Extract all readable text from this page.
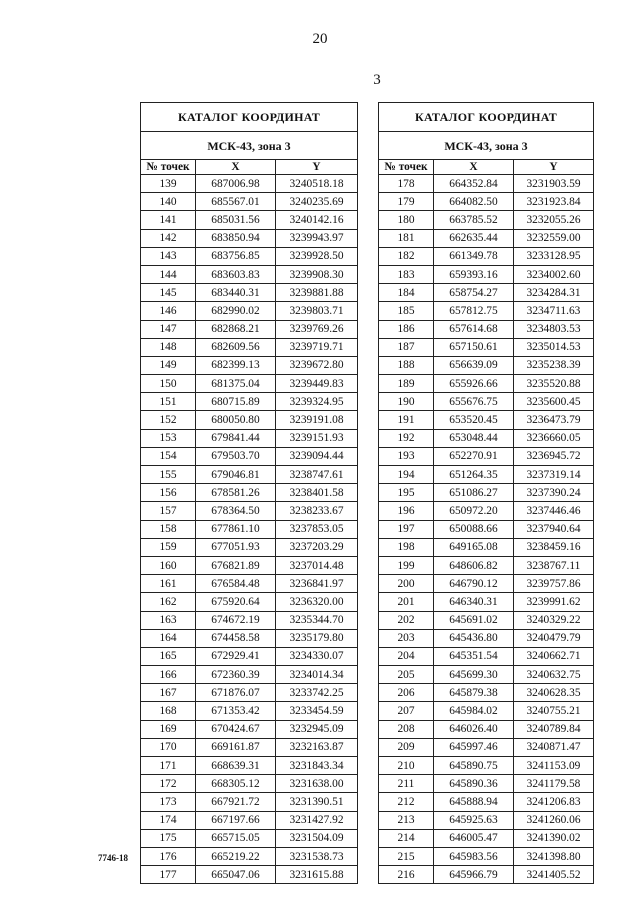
20
3
КАТАЛОГ КООРДИНАТ		
МСК-43, зона 3		
№ точек	X	Y
139	687006.98	3240518.18
140	685567.01	3240235.69
141	685031.56	3240142.16
142	683850.94	3239943.97
143	683756.85	3239928.50
144	683603.83	3239908.30
145	683440.31	3239881.88
146	682990.02	3239803.71
147	682868.21	3239769.26
148	682609.56	3239719.71
149	682399.13	3239672.80
150	681375.04	3239449.83
151	680715.89	3239324.95
152	680050.80	3239191.08
153	679841.44	3239151.93
154	679503.70	3239094.44
155	679046.81	3238747.61
156	678581.26	3238401.58
157	678364.50	3238233.67
158	677861.10	3237853.05
159	677051.93	3237203.29
160	676821.89	3237014.48
161	676584.48	3236841.97
162	675920.64	3236320.00
163	674672.19	3235344.70
164	674458.58	3235179.80
165	672929.41	3234330.07
166	672360.39	3234014.34
167	671876.07	3233742.25
168	671353.42	3233454.59
169	670424.67	3232945.09
170	669161.87	3232163.87
171	668639.31	3231843.34
172	668305.12	3231638.00
173	667921.72	3231390.51
174	667197.66	3231427.92
175	665715.05	3231504.09
176	665219.22	3231538.73
177	665047.06	3231615.88
КАТАЛОГ КООРДИНАТ		
МСК-43, зона 3		
№ точек	X	Y
178	664352.84	3231903.59
179	664082.50	3231923.84
180	663785.52	3232055.26
181	662635.44	3232559.00
182	661349.78	3233128.95
183	659393.16	3234002.60
184	658754.27	3234284.31
185	657812.75	3234711.63
186	657614.68	3234803.53
187	657150.61	3235014.53
188	656639.09	3235238.39
189	655926.66	3235520.88
190	655676.75	3235600.45
191	653520.45	3236473.79
192	653048.44	3236660.05
193	652270.91	3236945.72
194	651264.35	3237319.14
195	651086.27	3237390.24
196	650972.20	3237446.46
197	650088.66	3237940.64
198	649165.08	3238459.16
199	648606.82	3238767.11
200	646790.12	3239757.86
201	646340.31	3239991.62
202	645691.02	3240329.22
203	645436.80	3240479.79
204	645351.54	3240662.71
205	645699.30	3240632.75
206	645879.38	3240628.35
207	645984.02	3240755.21
208	646026.40	3240789.84
209	645997.46	3240871.47
210	645890.75	3241153.09
211	645890.36	3241179.58
212	645888.94	3241206.83
213	645925.63	3241260.06
214	646005.47	3241390.02
215	645983.56	3241398.80
216	645966.79	3241405.52
7746-18
